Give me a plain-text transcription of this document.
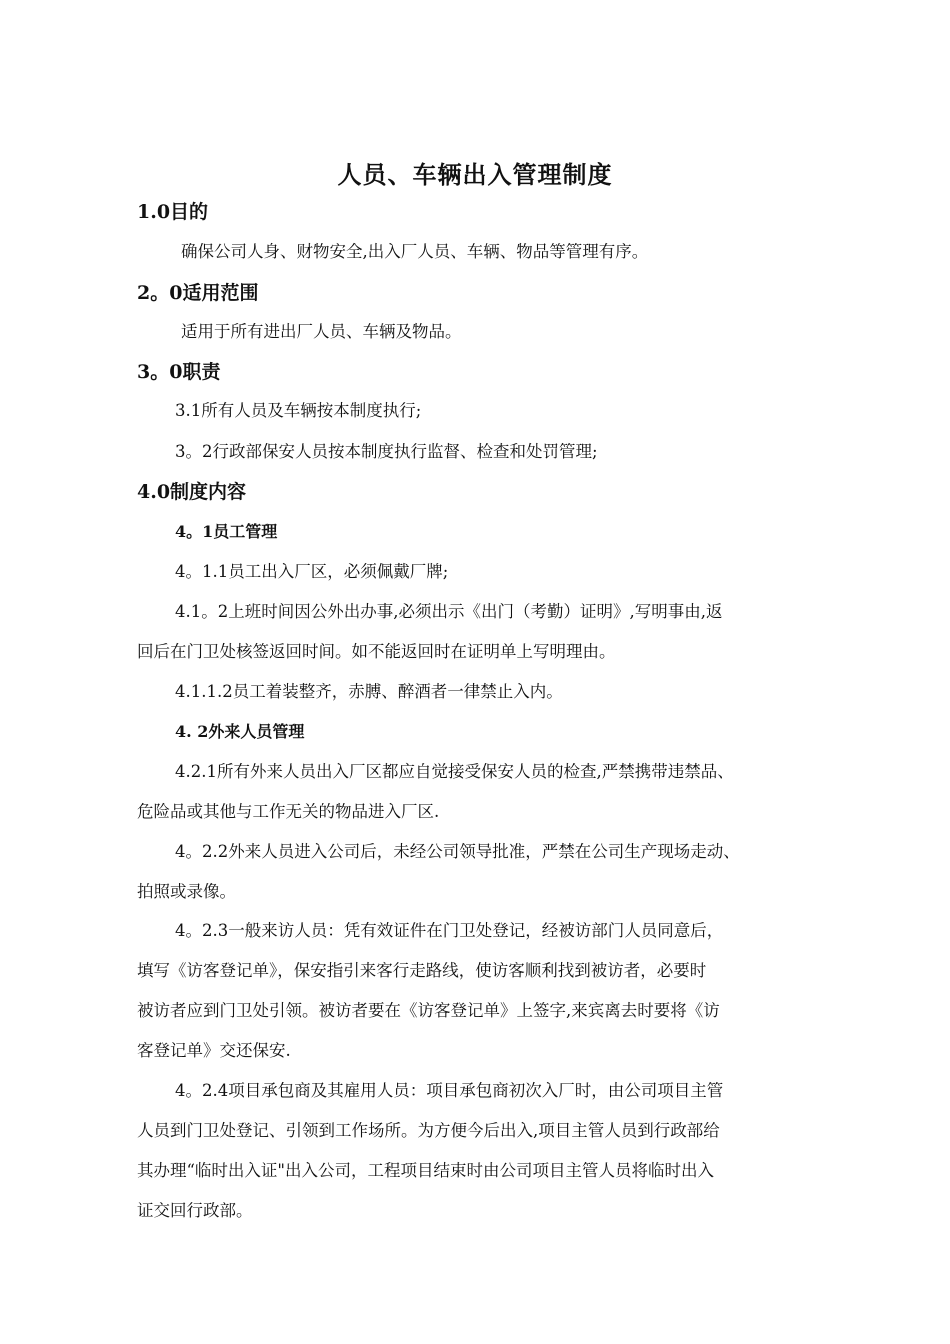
人员、车辆出入管理制度
1.0目的
确保公司人身、财物安全,出入厂人员、车辆、物品等管理有序。
2。0适用范围
适用于所有进出厂人员、车辆及物品。
3。0职责
3.1所有人员及车辆按本制度执行;
3。2行政部保安人员按本制度执行监督、检查和处罚管理;
4.0制度内容
4。1员工管理
4。1.1员工出入厂区，必须佩戴厂牌;
4.1。2上班时间因公外出办事,必须出示《出门（考勤）证明》,写明事由,返
回后在门卫处核签返回时间。如不能返回时在证明单上写明理由。
4.1.1.2员工着装整齐，赤膊、醉酒者一律禁止入内。
4. 2外来人员管理
4.2.1所有外来人员出入厂区都应自觉接受保安人员的检查,严禁携带违禁品、
危险品或其他与工作无关的物品进入厂区.
4。2.2外来人员进入公司后，未经公司领导批准，严禁在公司生产现场走动、
拍照或录像。
4。2.3一般来访人员：凭有效证件在门卫处登记，经被访部门人员同意后，
填写《访客登记单》，保安指引来客行走路线，使访客顺利找到被访者，必要时
被访者应到门卫处引领。被访者要在《访客登记单》上签字,来宾离去时要将《访
客登记单》交还保安.
4。2.4项目承包商及其雇用人员：项目承包商初次入厂时，由公司项目主管
人员到门卫处登记、引领到工作场所。为方便今后出入,项目主管人员到行政部给
其办理“临时出入证"出入公司，工程项目结束时由公司项目主管人员将临时出入
证交回行政部。
